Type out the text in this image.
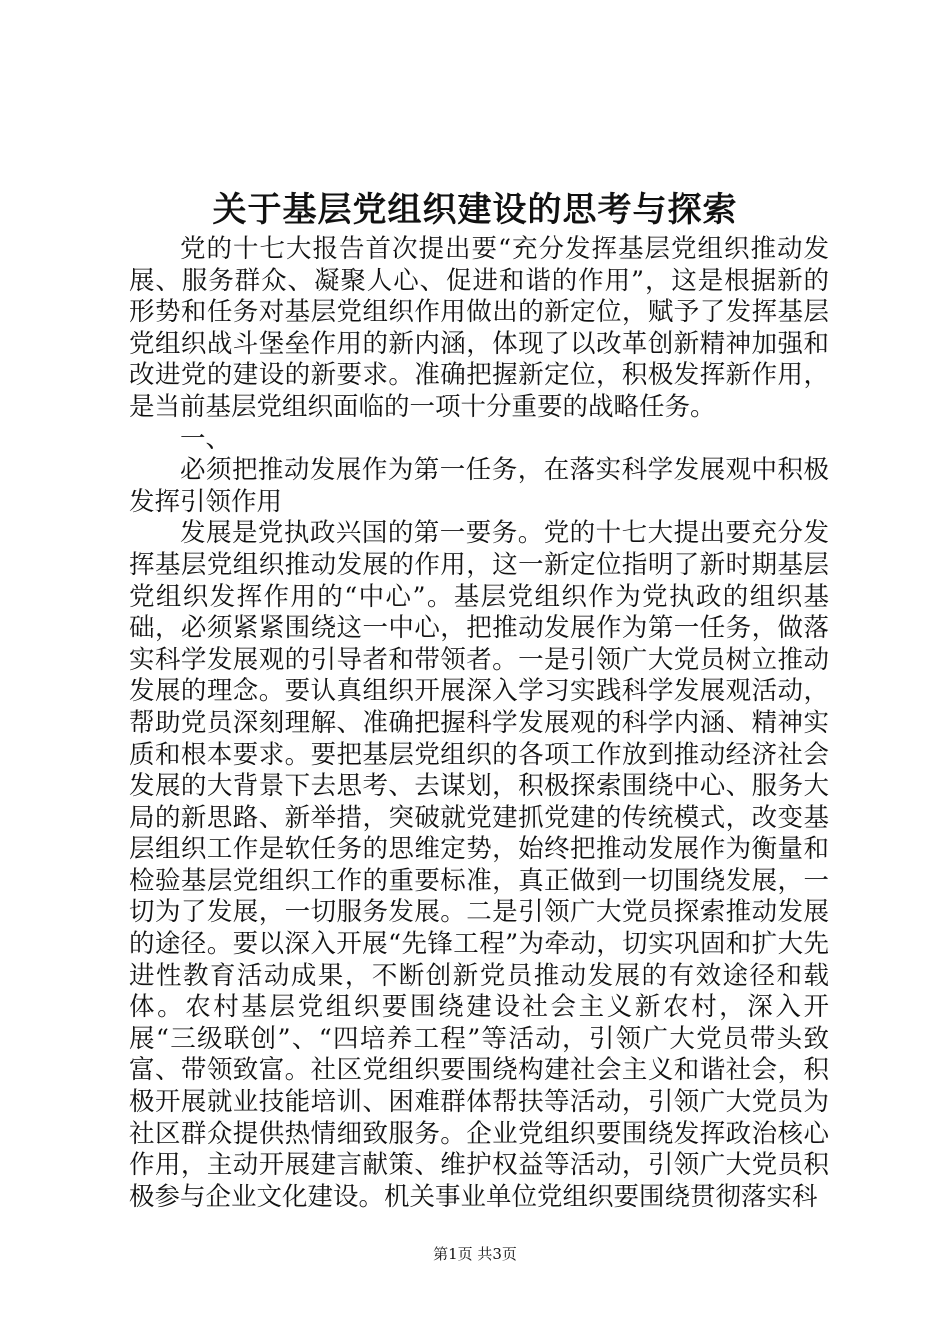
关于基层党组织建设的思考与探索

党的十七大报告首次提出要“充分发挥基层党组织推动发展、服务群众、凝聚人心、促进和谐的作用”，这是根据新的形势和任务对基层党组织作用做出的新定位，赋予了发挥基层党组织战斗堡垒作用的新内涵，体现了以改革创新精神加强和改进党的建设的新要求。准确把握新定位，积极发挥新作用，是当前基层党组织面临的一项十分重要的战略任务。

一、

必须把推动发展作为第一任务，在落实科学发展观中积极发挥引领作用

发展是党执政兴国的第一要务。党的十七大提出要充分发挥基层党组织推动发展的作用，这一新定位指明了新时期基层党组织发挥作用的“中心”。基层党组织作为党执政的组织基础，必须紧紧围绕这一中心，把推动发展作为第一任务，做落实科学发展观的引导者和带领者。一是引领广大党员树立推动发展的理念。要认真组织开展深入学习实践科学发展观活动，帮助党员深刻理解、准确把握科学发展观的科学内涵、精神实质和根本要求。要把基层党组织的各项工作放到推动经济社会发展的大背景下去思考、去谋划，积极探索围绕中心、服务大局的新思路、新举措，突破就党建抓党建的传统模式，改变基层组织工作是软任务的思维定势，始终把推动发展作为衡量和检验基层党组织工作的重要标准，真正做到一切围绕发展，一切为了发展，一切服务发展。二是引领广大党员探索推动发展的途径。要以深入开展“先锋工程”为牵动，切实巩固和扩大先进性教育活动成果，不断创新党员推动发展的有效途径和载体。农村基层党组织要围绕建设社会主义新农村，深入开展“三级联创”、“四培养工程”等活动，引领广大党员带头致富、带领致富。社区党组织要围绕构建社会主义和谐社会，积极开展就业技能培训、困难群体帮扶等活动，引领广大党员为社区群众提供热情细致服务。企业党组织要围绕发挥政治核心作用，主动开展建言献策、维护权益等活动，引领广大党员积极参与企业文化建设。机关事业单位党组织要围绕贯彻落实科

第1页 共3页
